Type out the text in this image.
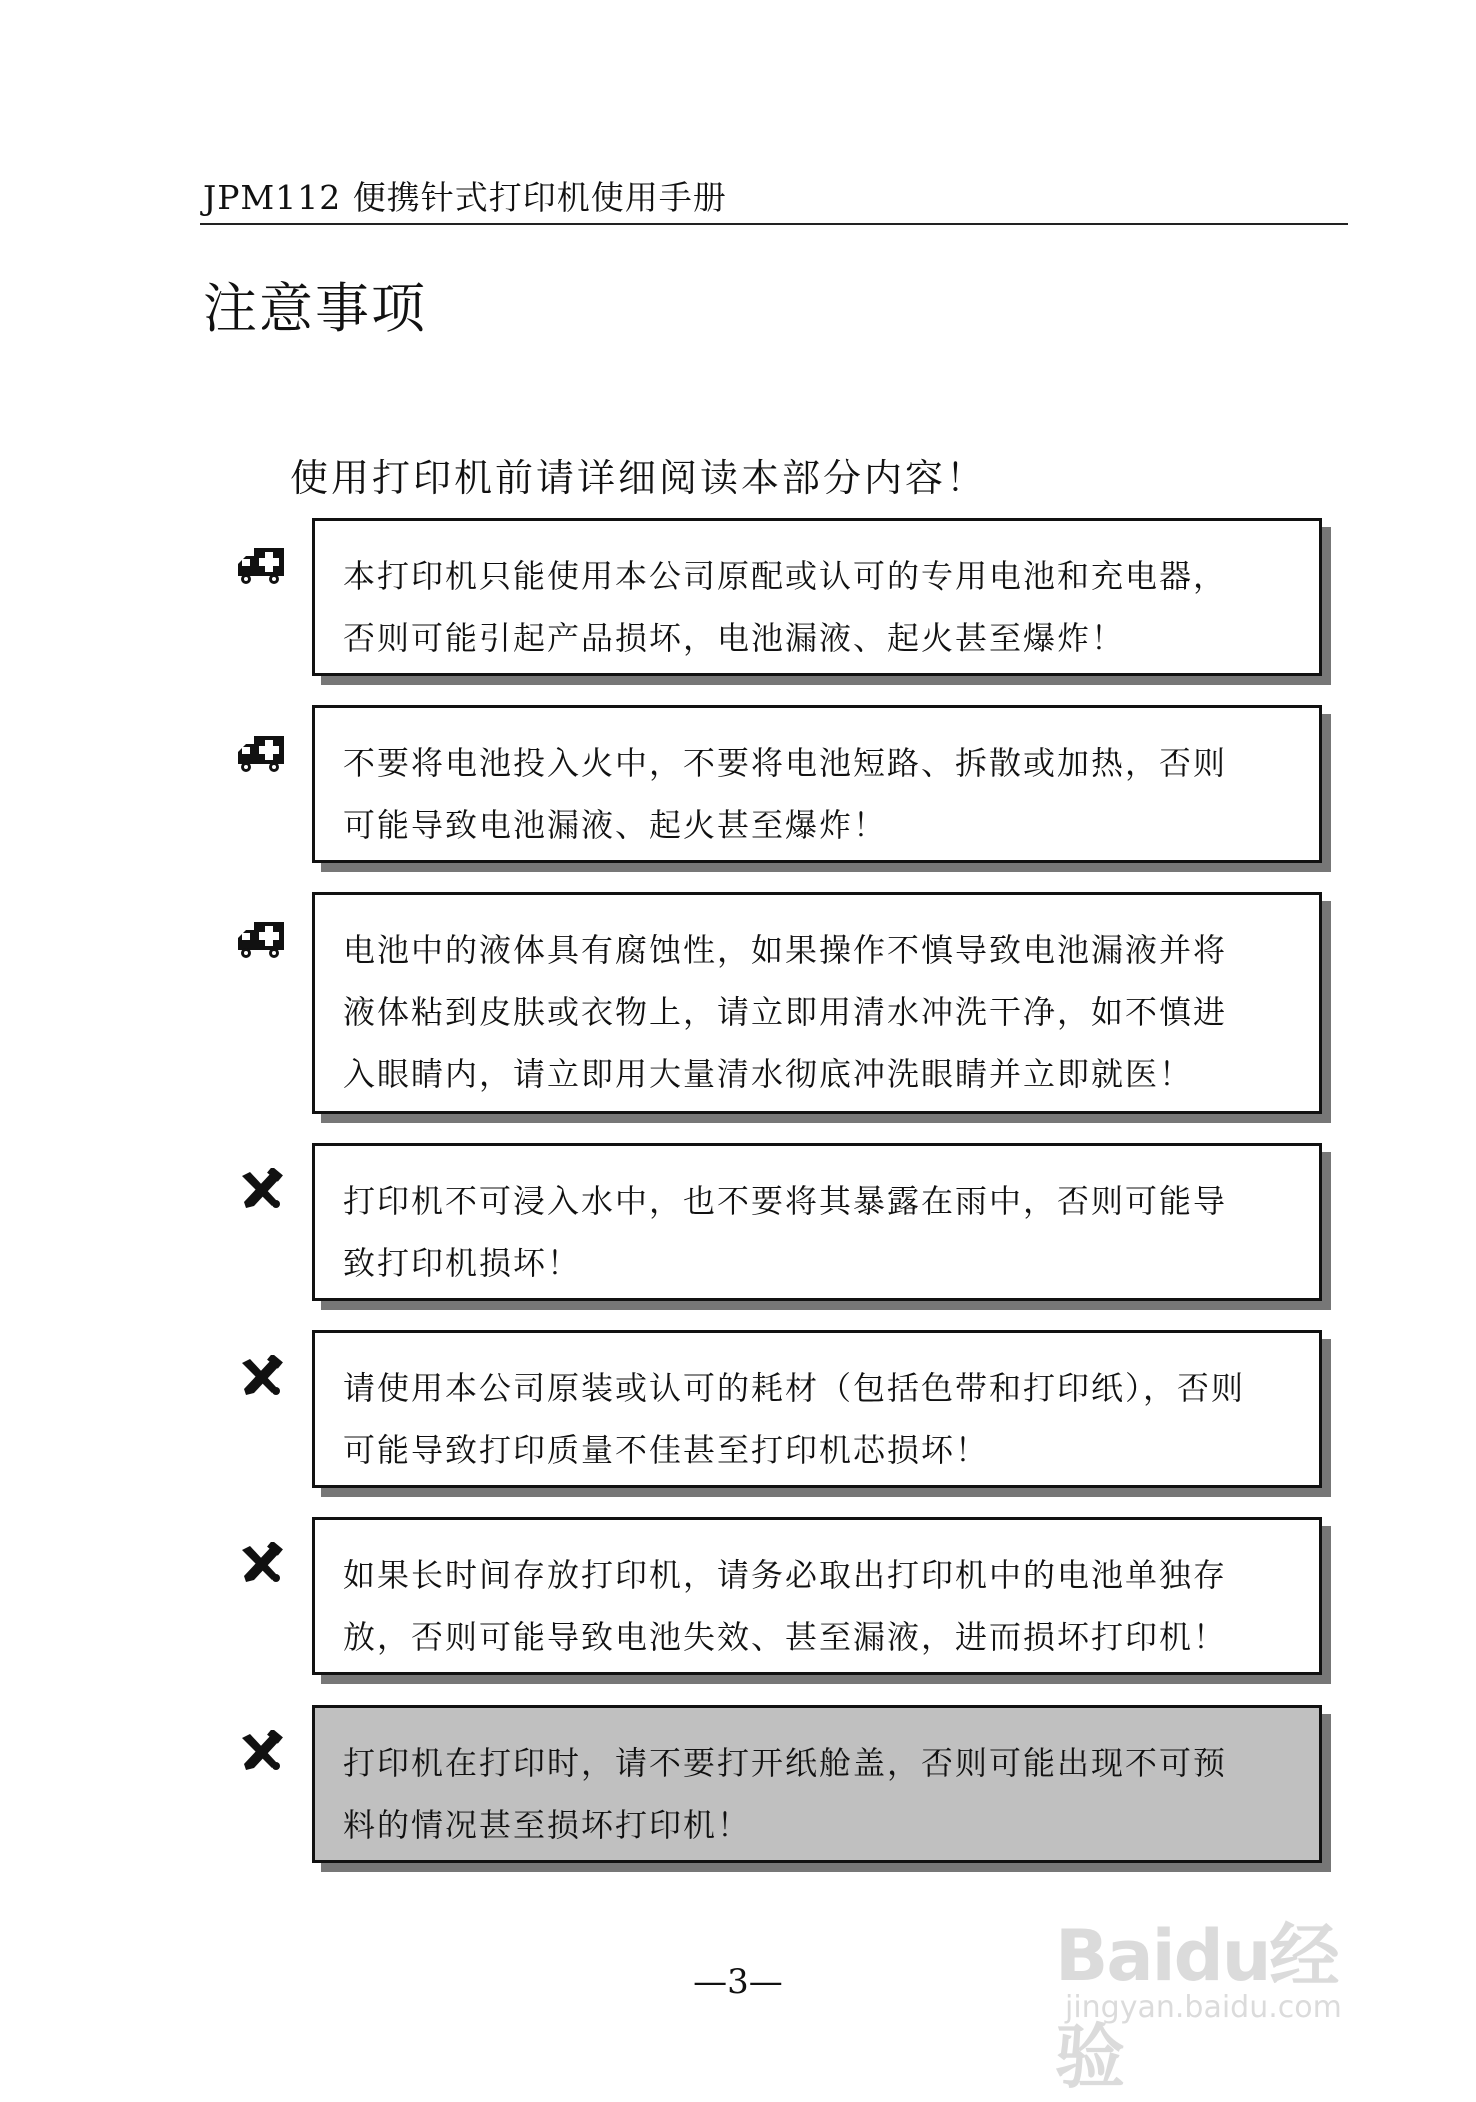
JPM112 便携针式打印机使用手册
注意事项
使用打印机前请详细阅读本部分内容！
本打印机只能使用本公司原配或认可的专用电池和充电器，
否则可能引起产品损坏，电池漏液、起火甚至爆炸！
不要将电池投入火中，不要将电池短路、拆散或加热，否则
可能导致电池漏液、起火甚至爆炸！
电池中的液体具有腐蚀性，如果操作不慎导致电池漏液并将
液体粘到皮肤或衣物上，请立即用清水冲洗干净，如不慎进
入眼睛内，请立即用大量清水彻底冲洗眼睛并立即就医！
打印机不可浸入水中，也不要将其暴露在雨中，否则可能导
致打印机损坏！
请使用本公司原装或认可的耗材（包括色带和打印纸），否则
可能导致打印质量不佳甚至打印机芯损坏！
如果长时间存放打印机，请务必取出打印机中的电池单独存
放，否则可能导致电池失效、甚至漏液，进而损坏打印机！
打印机在打印时，请不要打开纸舱盖，否则可能出现不可预
料的情况甚至损坏打印机！
—3—	Baidu经验
jingyan.baidu.com
